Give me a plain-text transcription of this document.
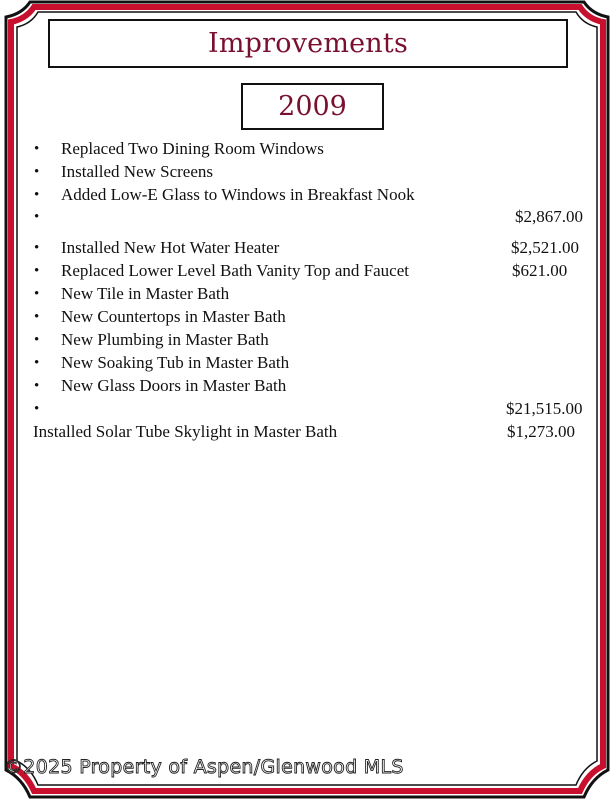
Improvements
2009
• Replaced Two Dining Room Windows
• Installed New Screens
• Added Low-E Glass to Windows in Breakfast Nook
•	$2,867.00
• Installed New Hot Water Heater	$2,521.00
• Replaced Lower Level Bath Vanity Top and Faucet	$621.00
• New Tile in Master Bath
• New Countertops in Master Bath
• New Plumbing in Master Bath
• New Soaking Tub in Master Bath
• New Glass Doors in Master Bath
•	$21,515.00
Installed Solar Tube Skylight in Master Bath	$1,273.00
©2025 Property of Aspen/Glenwood MLS
